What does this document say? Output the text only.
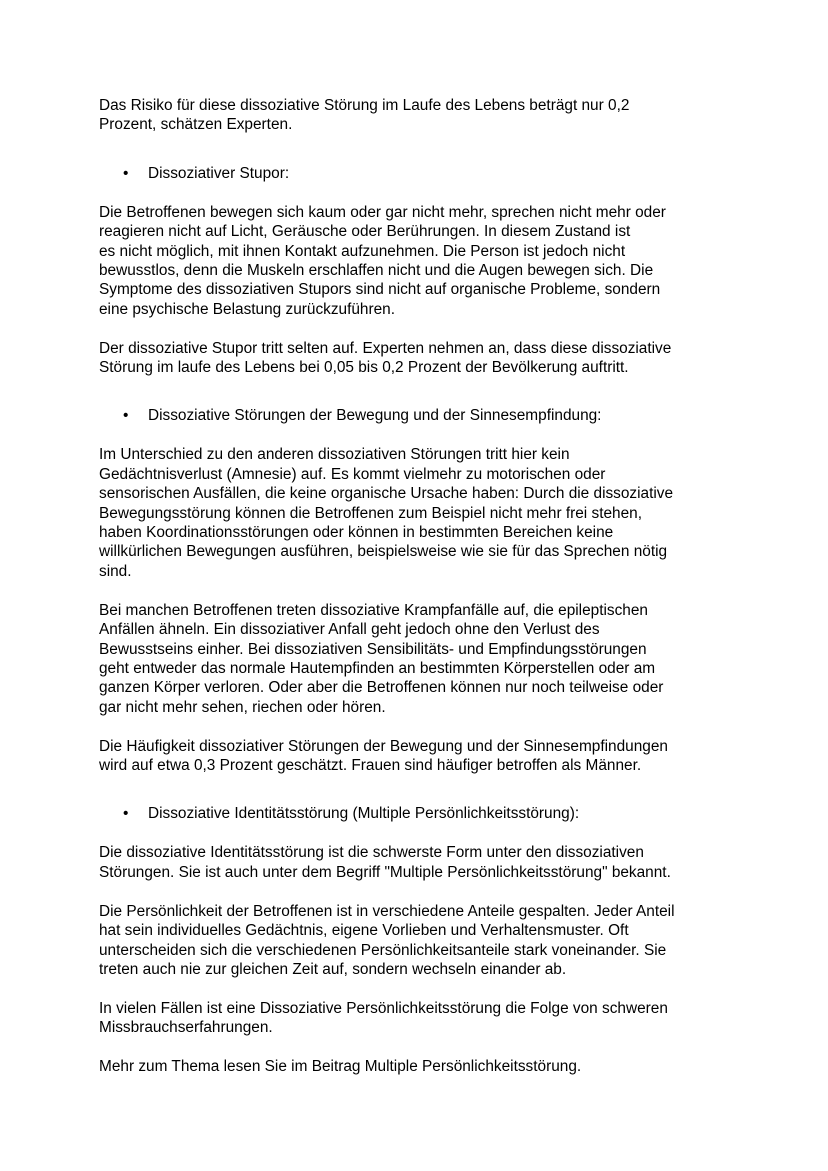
Das Risiko für diese dissoziative Störung im Laufe des Lebens beträgt nur 0,2
Prozent, schätzen Experten.

• Dissoziativer Stupor:

Die Betroffenen bewegen sich kaum oder gar nicht mehr, sprechen nicht mehr oder
reagieren nicht auf Licht, Geräusche oder Berührungen. In diesem Zustand ist
es nicht möglich, mit ihnen Kontakt aufzunehmen. Die Person ist jedoch nicht
bewusstlos, denn die Muskeln erschlaffen nicht und die Augen bewegen sich. Die
Symptome des dissoziativen Stupors sind nicht auf organische Probleme, sondern
eine psychische Belastung zurückzuführen.

Der dissoziative Stupor tritt selten auf. Experten nehmen an, dass diese dissoziative
Störung im laufe des Lebens bei 0,05 bis 0,2 Prozent der Bevölkerung auftritt.

• Dissoziative Störungen der Bewegung und der Sinnesempfindung:

Im Unterschied zu den anderen dissoziativen Störungen tritt hier kein
Gedächtnisverlust (Amnesie) auf. Es kommt vielmehr zu motorischen oder
sensorischen Ausfällen, die keine organische Ursache haben: Durch die dissoziative
Bewegungsstörung können die Betroffenen zum Beispiel nicht mehr frei stehen,
haben Koordinationsstörungen oder können in bestimmten Bereichen keine
willkürlichen Bewegungen ausführen, beispielsweise wie sie für das Sprechen nötig
sind.

Bei manchen Betroffenen treten dissoziative Krampfanfälle auf, die epileptischen
Anfällen ähneln. Ein dissoziativer Anfall geht jedoch ohne den Verlust des
Bewusstseins einher. Bei dissoziativen Sensibilitäts- und Empfindungsstörungen
geht entweder das normale Hautempfinden an bestimmten Körperstellen oder am
ganzen Körper verloren. Oder aber die Betroffenen können nur noch teilweise oder
gar nicht mehr sehen, riechen oder hören.

Die Häufigkeit dissoziativer Störungen der Bewegung und der Sinnesempfindungen
wird auf etwa 0,3 Prozent geschätzt. Frauen sind häufiger betroffen als Männer.

• Dissoziative Identitätsstörung (Multiple Persönlichkeitsstörung):

Die dissoziative Identitätsstörung ist die schwerste Form unter den dissoziativen
Störungen. Sie ist auch unter dem Begriff "Multiple Persönlichkeitsstörung" bekannt.

Die Persönlichkeit der Betroffenen ist in verschiedene Anteile gespalten. Jeder Anteil
hat sein individuelles Gedächtnis, eigene Vorlieben und Verhaltensmuster. Oft
unterscheiden sich die verschiedenen Persönlichkeitsanteile stark voneinander. Sie
treten auch nie zur gleichen Zeit auf, sondern wechseln einander ab.

In vielen Fällen ist eine Dissoziative Persönlichkeitsstörung die Folge von schweren
Missbrauchserfahrungen.

Mehr zum Thema lesen Sie im Beitrag Multiple Persönlichkeitsstörung.
